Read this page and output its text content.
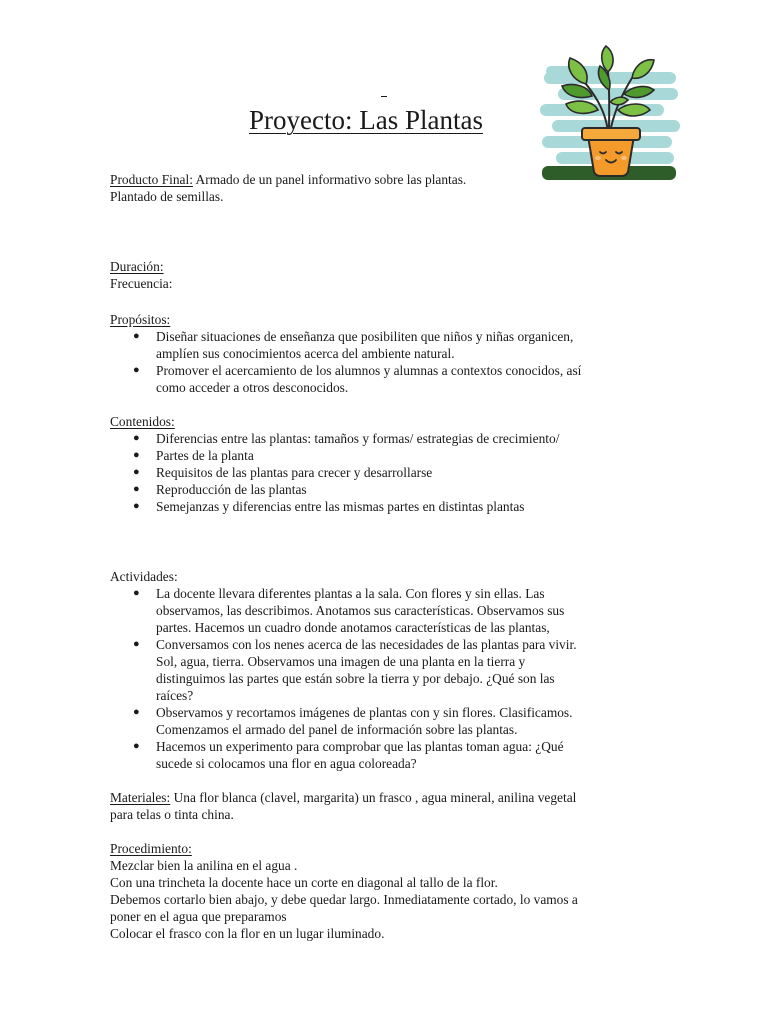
Proyecto: Las Plantas
Producto Final: Armado de un panel informativo sobre las plantas.
Plantado de semillas.
Duración:
Frecuencia:
Propósitos:
● Diseñar situaciones de enseñanza que posibiliten que niños y niñas organicen,
amplíen sus conocimientos acerca del ambiente natural.
● Promover el acercamiento de los alumnos y alumnas a contextos conocidos, así
como acceder a otros desconocidos.
Contenidos:
● Diferencias entre las plantas: tamaños y formas/ estrategias de crecimiento/
● Partes de la planta
● Requisitos de las plantas para crecer y desarrollarse
● Reproducción de las plantas
● Semejanzas y diferencias entre las mismas partes en distintas plantas
Actividades:
● La docente llevara diferentes plantas a la sala. Con flores y sin ellas. Las
observamos, las describimos. Anotamos sus características. Observamos sus
partes. Hacemos un cuadro donde anotamos características de las plantas,
● Conversamos con los nenes acerca de las necesidades de las plantas para vivir.
Sol, agua, tierra. Observamos una imagen de una planta en la tierra y
distinguimos las partes que están sobre la tierra y por debajo. ¿Qué son las
raíces?
● Observamos y recortamos imágenes de plantas con y sin flores. Clasificamos.
Comenzamos el armado del panel de información sobre las plantas.
● Hacemos un experimento para comprobar que las plantas toman agua: ¿Qué
sucede si colocamos una flor en agua coloreada?
Materiales: Una flor blanca (clavel, margarita) un frasco , agua mineral, anilina vegetal
para telas o tinta china.
Procedimiento:
Mezclar bien la anilina en el agua .
Con una trincheta la docente hace un corte en diagonal al tallo de la flor.
Debemos cortarlo bien abajo, y debe quedar largo. Inmediatamente cortado, lo vamos a
poner en el agua que preparamos
Colocar el frasco con la flor en un lugar iluminado.
